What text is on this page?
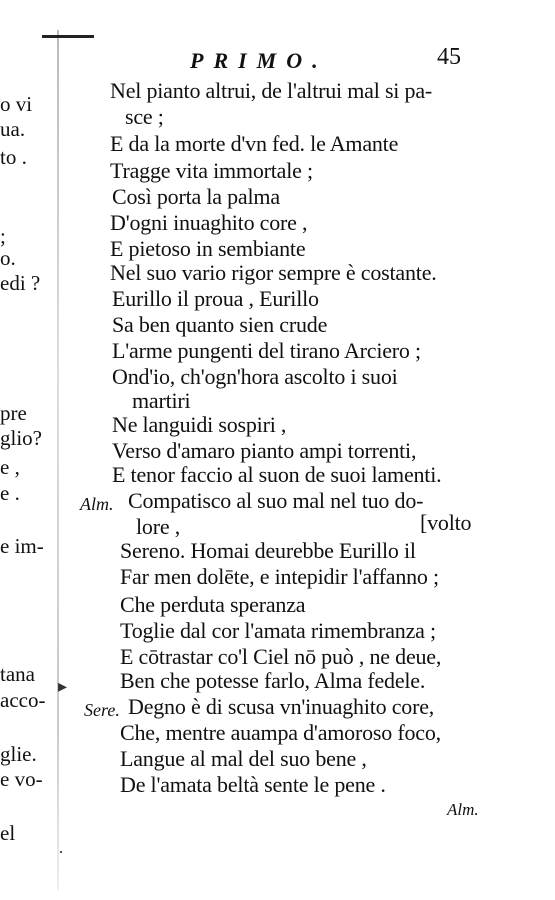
o vi
ua.
to .
;
o.
edi ?
pre
glio?
e ,
e .
e im-
tana
acco-
glie.
e vo-
el
▸
·
PRIMO.	45
Nel pianto altrui, de l'altrui mal si pa-
sce ;
E da la morte d'vn fed. le Amante
Tragge vita immortale ;
Così porta la palma
D'ogni inuaghito core ,
E pietoso in sembiante
Nel suo vario rigor sempre è costante.
Eurillo il proua , Eurillo
Sa ben quanto sien crude
L'arme pungenti del tirano Arciero ;
Ond'io, ch'ogn'hora ascolto i suoi
martiri
Ne languidi sospiri ,
Verso d'amaro pianto ampi torrenti,
E tenor faccio al suon de suoi lamenti.
Alm. Compatisco al suo mal nel tuo do-
lore ,	[volto
Sereno. Homai deurebbe Eurillo il
Far men dolēte, e intepidir l'affanno ;
Che perduta speranza
Toglie dal cor l'amata rimembranza ;
E cōtrastar co'l Ciel nō può , ne deue,
Ben che potesse farlo, Alma fedele.
Sere. Degno è di scusa vn'inuaghito core,
Che, mentre auampa d'amoroso foco,
Langue al mal del suo bene ,
De l'amata beltà sente le pene .
Alm.
